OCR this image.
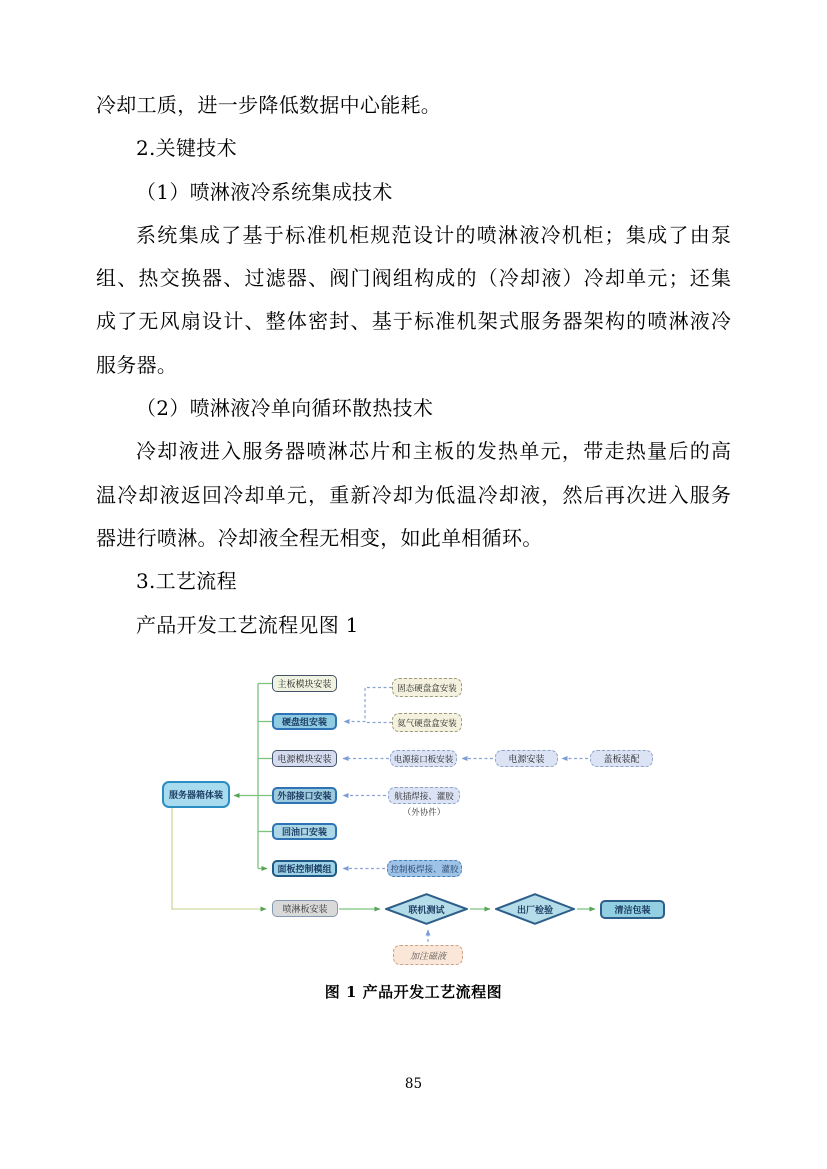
冷却工质，进一步降低数据中心能耗。
2.关键技术
（1）喷淋液冷系统集成技术
系统集成了基于标准机柜规范设计的喷淋液冷机柜；集成了由泵
组、热交换器、过滤器、阀门阀组构成的（冷却液）冷却单元；还集
成了无风扇设计、整体密封、基于标准机架式服务器架构的喷淋液冷
服务器。
（2）喷淋液冷单向循环散热技术
冷却液进入服务器喷淋芯片和主板的发热单元，带走热量后的高
温冷却液返回冷却单元，重新冷却为低温冷却液，然后再次进入服务
器进行喷淋。冷却液全程无相变，如此单相循环。
3.工艺流程
产品开发工艺流程见图 1
服务器箱体装
主板模块安装
硬盘组安装
电源模块安装
外部接口安装
回油口安装
面板控制模组
固态硬盘盒安装
氦气硬盘盒安装
电源接口板安装	电源安装	盖板装配
航插焊接、灌胶
（外协件）
控制板焊接、灌胶
喷淋板安装	联机测试	出厂检验	清洁包装
加注磁液
图 1 产品开发工艺流程图
85
